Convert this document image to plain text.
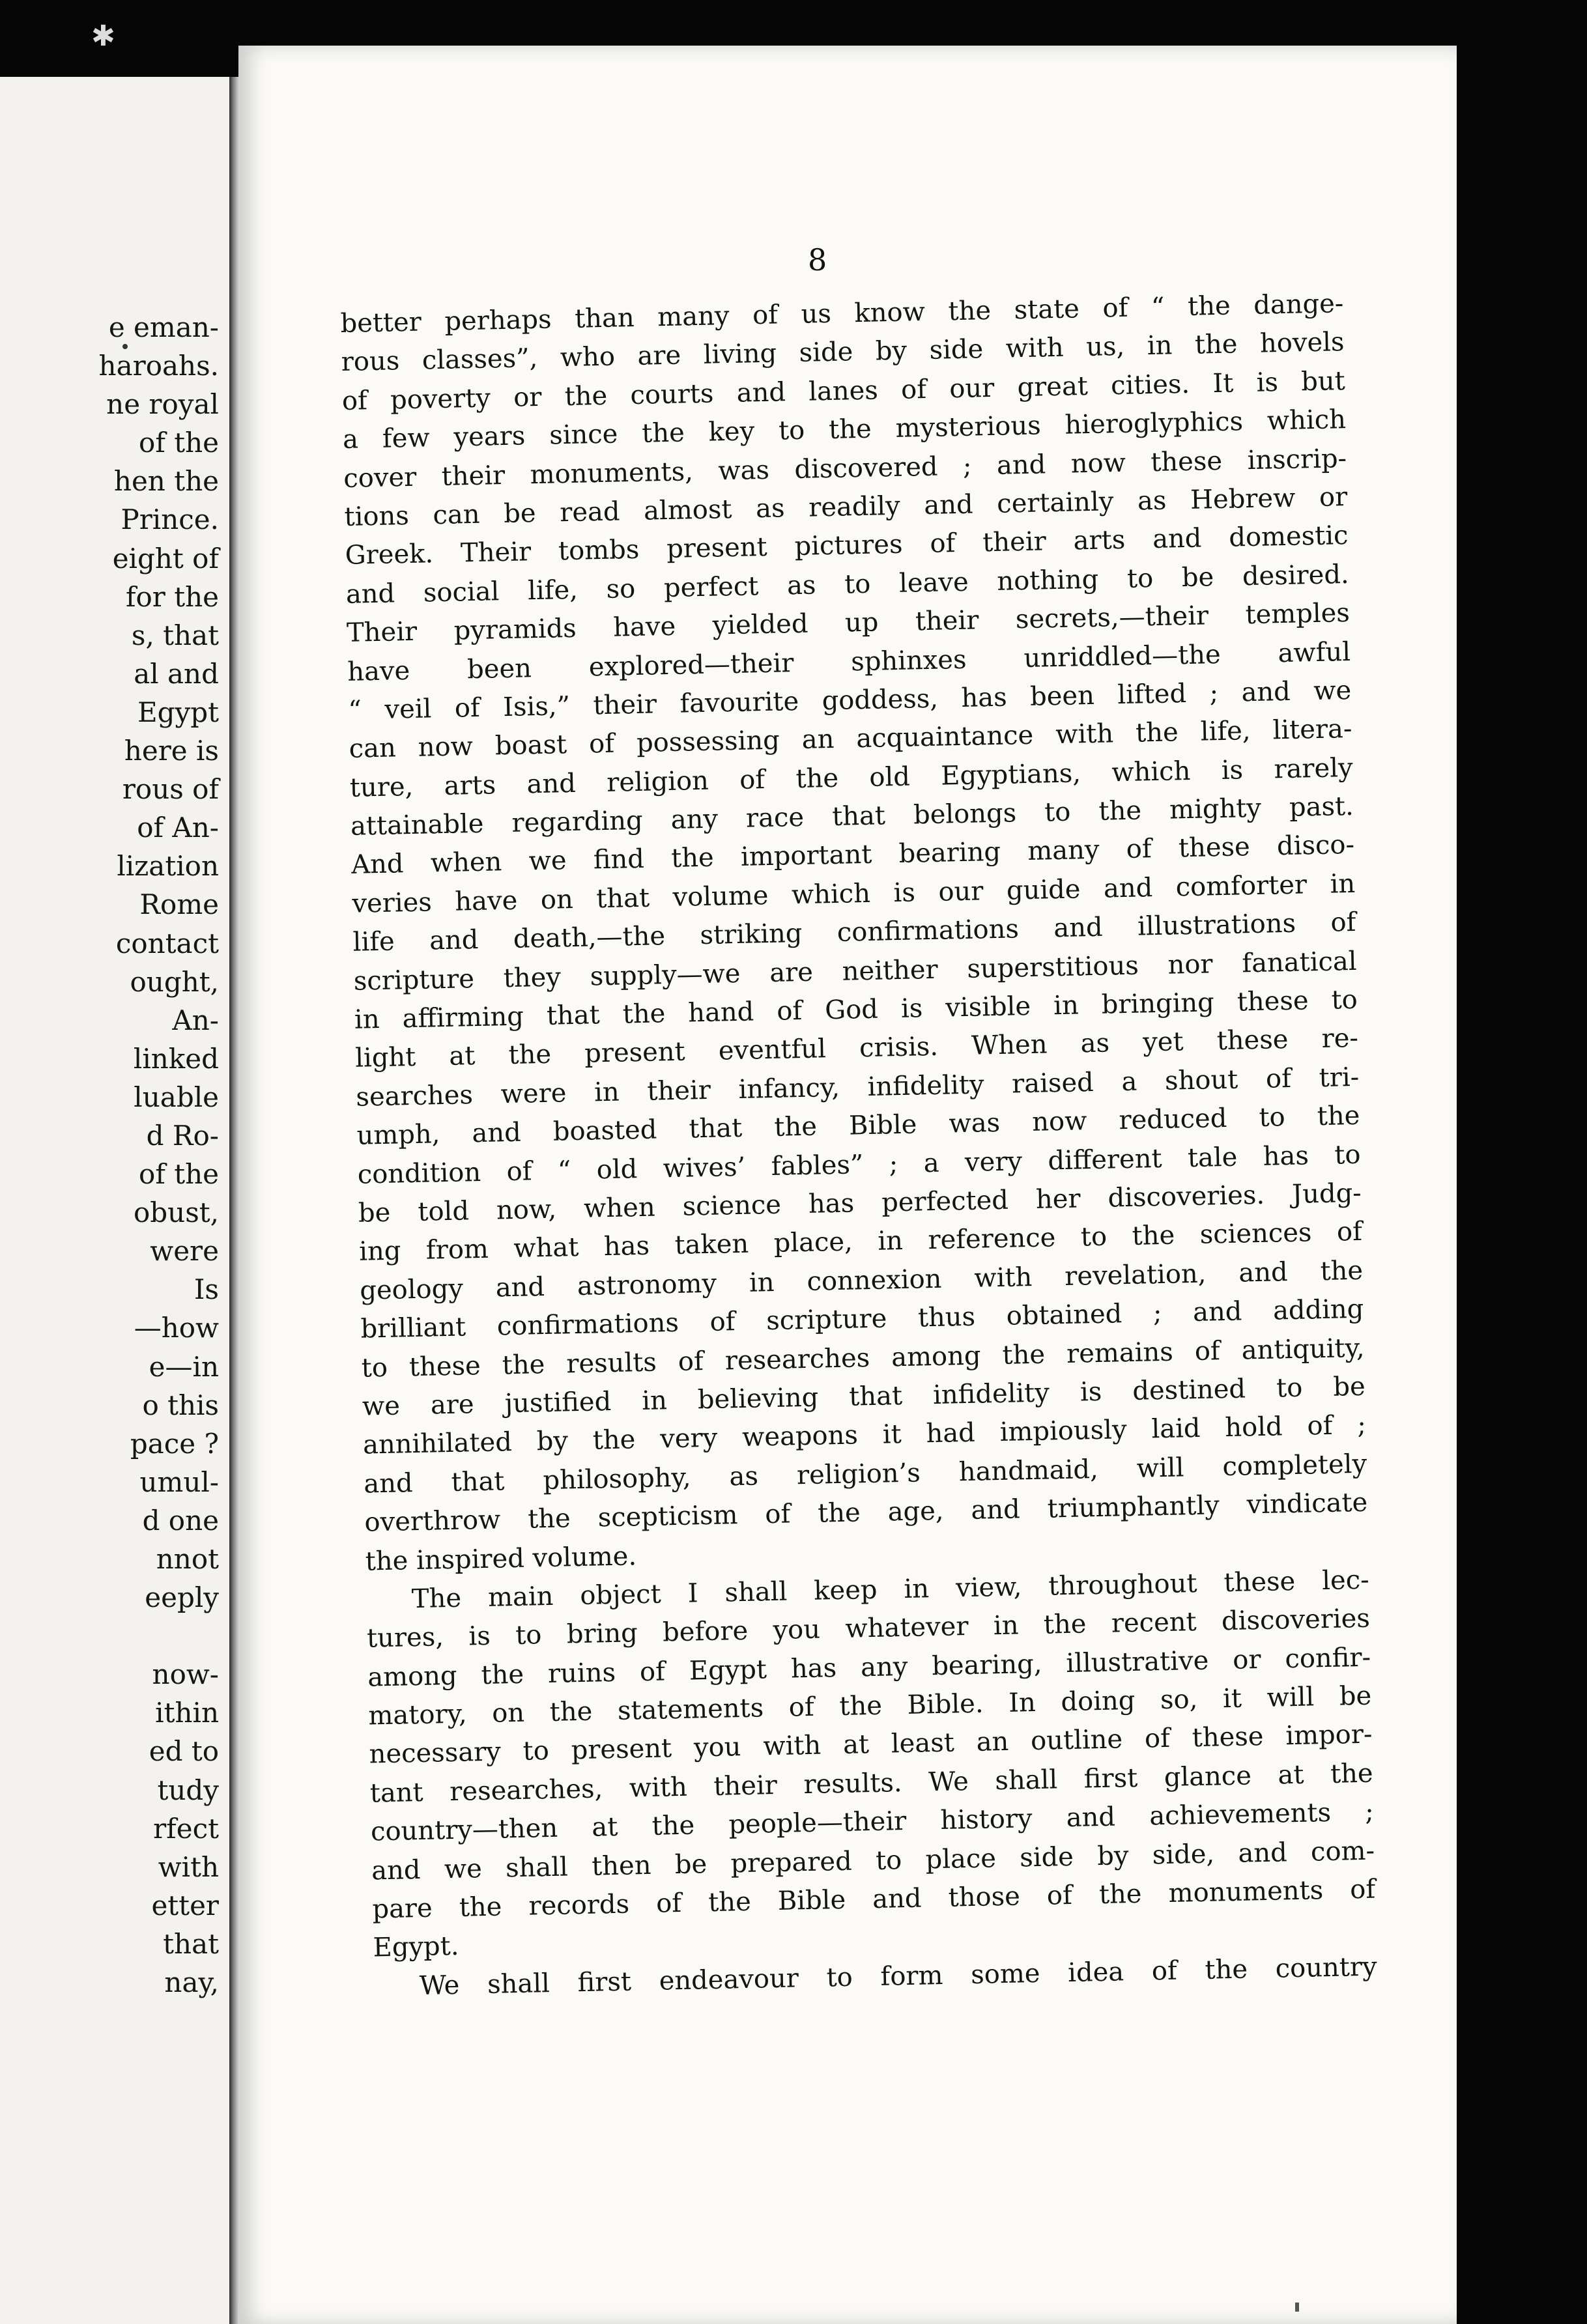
✱
e eman-
haroahs.
ne royal
of the
hen the
Prince.
eight of
for the
s, that
al and
Egypt
here is
rous of
of An-
lization
Rome
contact
ought,
An-
linked
luable
d Ro-
of the
obust,
were
Is
—how
e—in
o this
pace ?
umul-
d one
nnot
eeply
now-
ithin
ed to
tudy
rfect
with
etter
that
nay,
8
better perhaps than many of us know the state of “ the dange-
rous classes”, who are living side by side with us, in the hovels
of poverty or the courts and lanes of our great cities. It is but
a few years since the key to the mysterious hieroglyphics which
cover their monuments, was discovered ; and now these inscrip-
tions can be read almost as readily and certainly as Hebrew or
Greek. Their tombs present pictures of their arts and domestic
and social life, so perfect as to leave nothing to be desired.
Their pyramids have yielded up their secrets,—their temples
have been explored—their sphinxes unriddled—the awful
“ veil of Isis,” their favourite goddess, has been lifted ; and we
can now boast of possessing an acquaintance with the life, litera-
ture, arts and religion of the old Egyptians, which is rarely
attainable regarding any race that belongs to the mighty past.
And when we find the important bearing many of these disco-
veries have on that volume which is our guide and comforter in
life and death,—the striking confirmations and illustrations of
scripture they supply—we are neither superstitious nor fanatical
in affirming that the hand of God is visible in bringing these to
light at the present eventful crisis. When as yet these re-
searches were in their infancy, infidelity raised a shout of tri-
umph, and boasted that the Bible was now reduced to the
condition of “ old wives’ fables” ; a very different tale has to
be told now, when science has perfected her discoveries. Judg-
ing from what has taken place, in reference to the sciences of
geology and astronomy in connexion with revelation, and the
brilliant confirmations of scripture thus obtained ; and adding
to these the results of researches among the remains of antiquity,
we are justified in believing that infidelity is destined to be
annihilated by the very weapons it had impiously laid hold of ;
and that philosophy, as religion’s handmaid, will completely
overthrow the scepticism of the age, and triumphantly vindicate
the inspired volume.
The main object I shall keep in view, throughout these lec-
tures, is to bring before you whatever in the recent discoveries
among the ruins of Egypt has any bearing, illustrative or confir-
matory, on the statements of the Bible. In doing so, it will be
necessary to present you with at least an outline of these impor-
tant researches, with their results. We shall first glance at the
country—then at the people—their history and achievements ;
and we shall then be prepared to place side by side, and com-
pare the records of the Bible and those of the monuments of
Egypt.
We shall first endeavour to form some idea of the country
